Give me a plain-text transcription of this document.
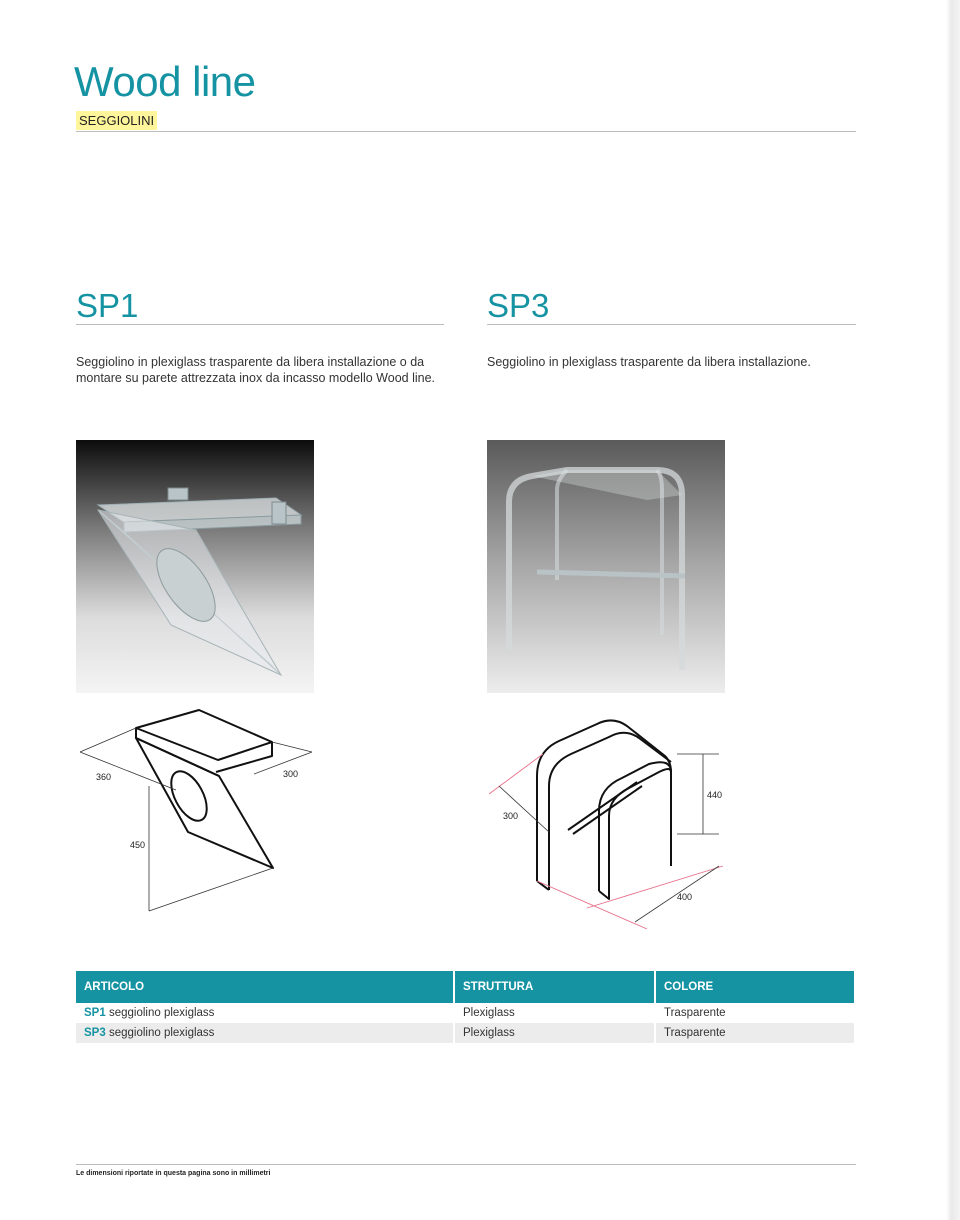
Wood line
SEGGIOLINI
SP1

Seggiolino in plexiglass trasparente da libera installazione o da montare su parete attrezzata inox da incasso modello Wood line.

360	300
450
SP3

Seggiolino in plexiglass trasparente da libera installazione.

440
300
400
ARTICOLO	STRUTTURA	COLORE
SP1 seggiolino plexiglass	Plexiglass	Trasparente
SP3 seggiolino plexiglass	Plexiglass	Trasparente
Le dimensioni riportate in questa pagina sono in millimetri
